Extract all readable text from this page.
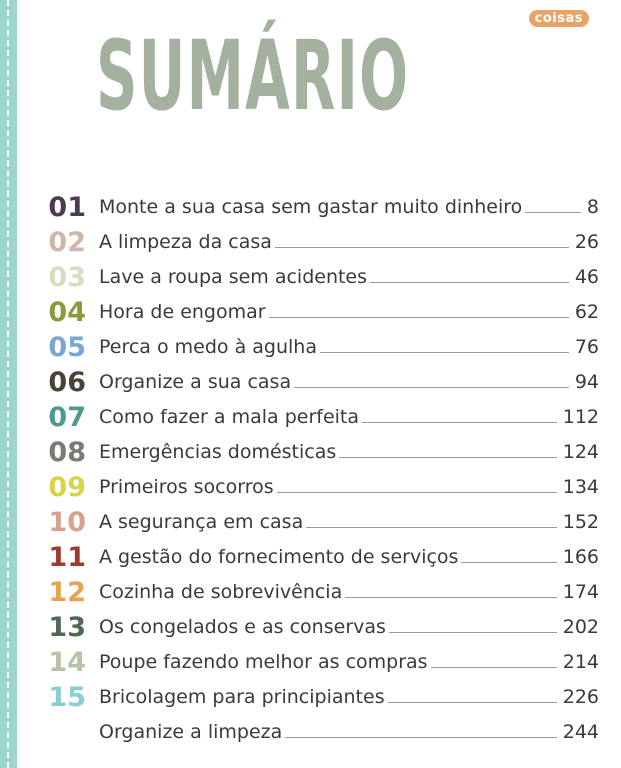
coisas
SUMÁRIO
01 Monte a sua casa sem gastar muito dinheiro	8
02 A limpeza da casa	26
03 Lave a roupa sem acidentes	46
04 Hora de engomar	62
05 Perca o medo à agulha	76
06 Organize a sua casa	94
07 Como fazer a mala perfeita	112
08 Emergências domésticas	124
09 Primeiros socorros	134
10 A segurança em casa	152
11 A gestão do fornecimento de serviços	166
12 Cozinha de sobrevivência	174
13 Os congelados e as conservas	202
14 Poupe fazendo melhor as compras	214
15 Bricolagem para principiantes	226
Organize a limpeza	244
